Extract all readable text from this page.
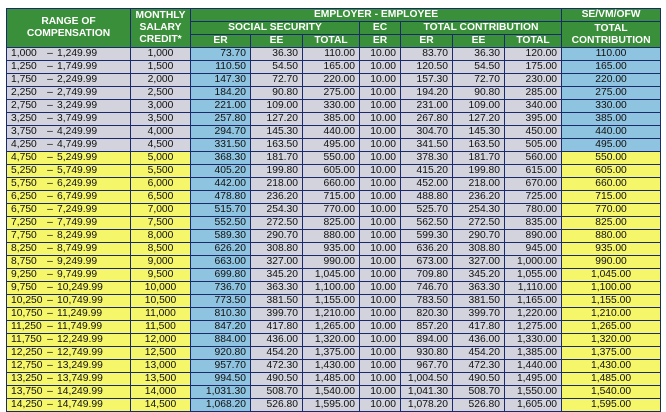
RANGE OF COMPENSATION	MONTHLY SALARY CREDIT*	EMPLOYER - EMPLOYEE							SE/VM/OFW
		SOCIAL SECURITY			EC	TOTAL CONTRIBUTION			TOTAL CONTRIBUTION
		ER	EE	TOTAL	ER	ER	EE	TOTAL	
1,000 – 1,249.99	1,000	73.70	36.30	110.00	10.00	83.70	36.30	120.00	110.00
1,250 – 1,749.99	1,500	110.50	54.50	165.00	10.00	120.50	54.50	175.00	165.00
1,750 – 2,249.99	2,000	147.30	72.70	220.00	10.00	157.30	72.70	230.00	220.00
2,250 – 2,749.99	2,500	184.20	90.80	275.00	10.00	194.20	90.80	285.00	275.00
2,750 – 3,249.99	3,000	221.00	109.00	330.00	10.00	231.00	109.00	340.00	330.00
3,250 – 3,749.99	3,500	257.80	127.20	385.00	10.00	267.80	127.20	395.00	385.00
3,750 – 4,249.99	4,000	294.70	145.30	440.00	10.00	304.70	145.30	450.00	440.00
4,250 – 4,749.99	4,500	331.50	163.50	495.00	10.00	341.50	163.50	505.00	495.00
4,750 – 5,249.99	5,000	368.30	181.70	550.00	10.00	378.30	181.70	560.00	550.00
5,250 – 5,749.99	5,500	405.20	199.80	605.00	10.00	415.20	199.80	615.00	605.00
5,750 – 6,249.99	6,000	442.00	218.00	660.00	10.00	452.00	218.00	670.00	660.00
6,250 – 6,749.99	6,500	478.80	236.20	715.00	10.00	488.80	236.20	725.00	715.00
6,750 – 7,249.99	7,000	515.70	254.30	770.00	10.00	525.70	254.30	780.00	770.00
7,250 – 7,749.99	7,500	552.50	272.50	825.00	10.00	562.50	272.50	835.00	825.00
7,750 – 8,249.99	8,000	589.30	290.70	880.00	10.00	599.30	290.70	890.00	880.00
8,250 – 8,749.99	8,500	626.20	308.80	935.00	10.00	636.20	308.80	945.00	935.00
8,750 – 9,249.99	9,000	663.00	327.00	990.00	10.00	673.00	327.00	1,000.00	990.00
9,250 – 9,749.99	9,500	699.80	345.20	1,045.00	10.00	709.80	345.20	1,055.00	1,045.00
9,750 – 10,249.99	10,000	736.70	363.30	1,100.00	10.00	746.70	363.30	1,110.00	1,100.00
10,250 – 10,749.99	10,500	773.50	381.50	1,155.00	10.00	783.50	381.50	1,165.00	1,155.00
10,750 – 11,249.99	11,000	810.30	399.70	1,210.00	10.00	820.30	399.70	1,220.00	1,210.00
11,250 – 11,749.99	11,500	847.20	417.80	1,265.00	10.00	857.20	417.80	1,275.00	1,265.00
11,750 – 12,249.99	12,000	884.00	436.00	1,320.00	10.00	894.00	436.00	1,330.00	1,320.00
12,250 – 12,749.99	12,500	920.80	454.20	1,375.00	10.00	930.80	454.20	1,385.00	1,375.00
12,750 – 13,249.99	13,000	957.70	472.30	1,430.00	10.00	967.70	472.30	1,440.00	1,430.00
13,250 – 13,749.99	13,500	994.50	490.50	1,485.00	10.00	1,004.50	490.50	1,495.00	1,485.00
13,750 – 14,249.99	14,000	1,031.30	508.70	1,540.00	10.00	1,041.30	508.70	1,550.00	1,540.00
14,250 – 14,749.99	14,500	1,068.20	526.80	1,595.00	10.00	1,078.20	526.80	1,605.00	1,595.00
